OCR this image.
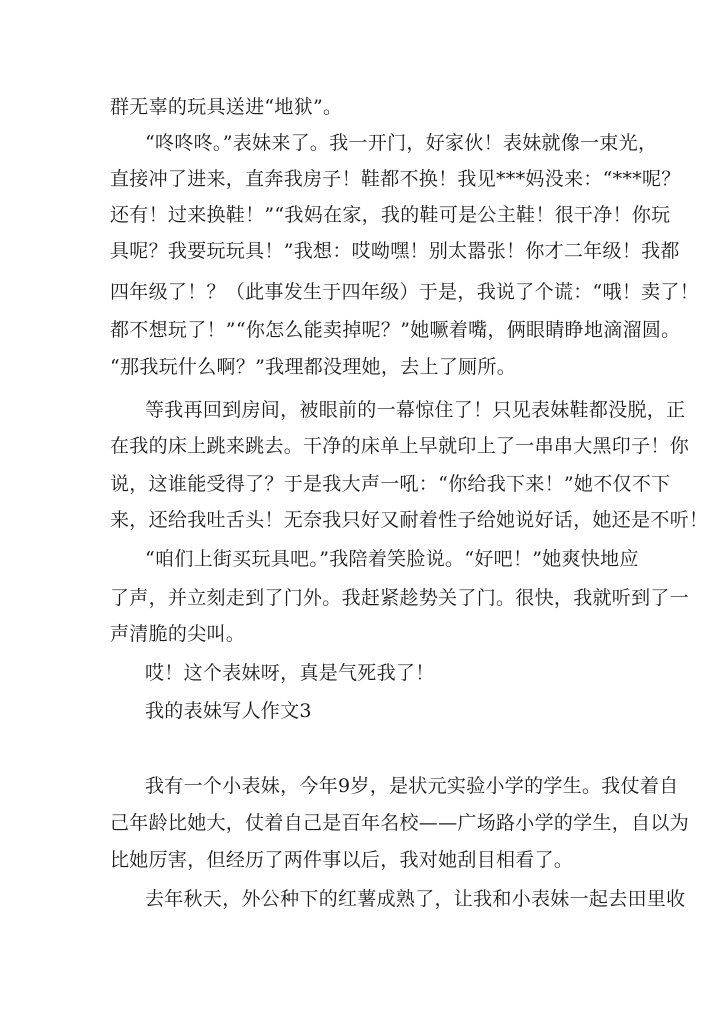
群无辜的玩具送进“地狱”。
“咚咚咚。”表妹来了。我一开门，好家伙！表妹就像一束光，
直接冲了进来，直奔我房子！鞋都不换！我见***妈没来：“***呢？
还有！过来换鞋！”“我妈在家，我的鞋可是公主鞋！很干净！你玩
具呢？我要玩玩具！”我想：哎呦嘿！别太嚣张！你才二年级！我都
四年级了！？（此事发生于四年级）于是，我说了个谎：“哦！卖了！
都不想玩了！”“你怎么能卖掉呢？”她噘着嘴，俩眼睛睁地滴溜圆。
“那我玩什么啊？”我理都没理她，去上了厕所。
等我再回到房间，被眼前的一幕惊住了！只见表妹鞋都没脱，正
在我的床上跳来跳去。干净的床单上早就印上了一串串大黑印子！你
说，这谁能受得了？于是我大声一吼：“你给我下来！”她不仅不下
来，还给我吐舌头！无奈我只好又耐着性子给她说好话，她还是不听！
“咱们上街买玩具吧。”我陪着笑脸说。“好吧！”她爽快地应
了声，并立刻走到了门外。我赶紧趁势关了门。很快，我就听到了一
声清脆的尖叫。
哎！这个表妹呀，真是气死我了！
我的表妹写人作文3
我有一个小表妹，今年9岁，是状元实验小学的学生。我仗着自
己年龄比她大，仗着自己是百年名校——广场路小学的学生，自以为
比她厉害，但经历了两件事以后，我对她刮目相看了。
去年秋天，外公种下的红薯成熟了，让我和小表妹一起去田里收
